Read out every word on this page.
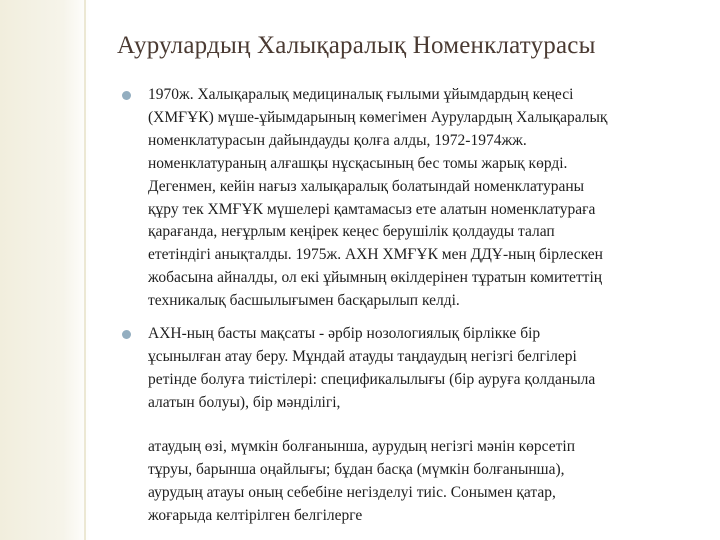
Аурулардың Халықаралық Номенклатурасы

1970ж. Халықаралық медициналық ғылыми ұйымдардың кеңесі

(ХМҒҰК) мүше-ұйымдарының көмегімен Аурулардың Халықаралық

номенклатурасын дайындауды қолға алды, 1972-1974жж.

номенклатураның алғашқы нұсқасының бес томы жарық көрді.

Дегенмен, кейін нағыз халықаралық болатындай номенклатураны

құру тек ХМҒҰК мүшелері қамтамасыз ете алатын номенклатураға

қарағанда, неғұрлым кеңірек кеңес берушілік қолдауды талап

ететіндігі анықталды. 1975ж. АХН ХМҒҰК мен ДДҰ-ның бірлескен

жобасына айналды, ол екі ұйымның өкілдерінен тұратын комитеттің

техникалық басшылығымен басқарылып келді.

АХН-ның басты мақсаты - әрбір нозологиялық бірлікке бір

ұсынылған атау беру. Мұндай атауды таңдаудың негізгі белгілері

ретінде болуға тиістілері: спецификалылығы (бір ауруға қолданыла

алатын болуы), бір мәнділігі,

атаудың өзі, мүмкін болғанынша, аурудың негізгі мәнін көрсетіп

тұруы, барынша оңайлығы; бұдан басқа (мүмкін болғанынша),

аурудың атауы оның себебіне негізделуі тиіс. Сонымен қатар,

жоғарыда келтірілген белгілерге
